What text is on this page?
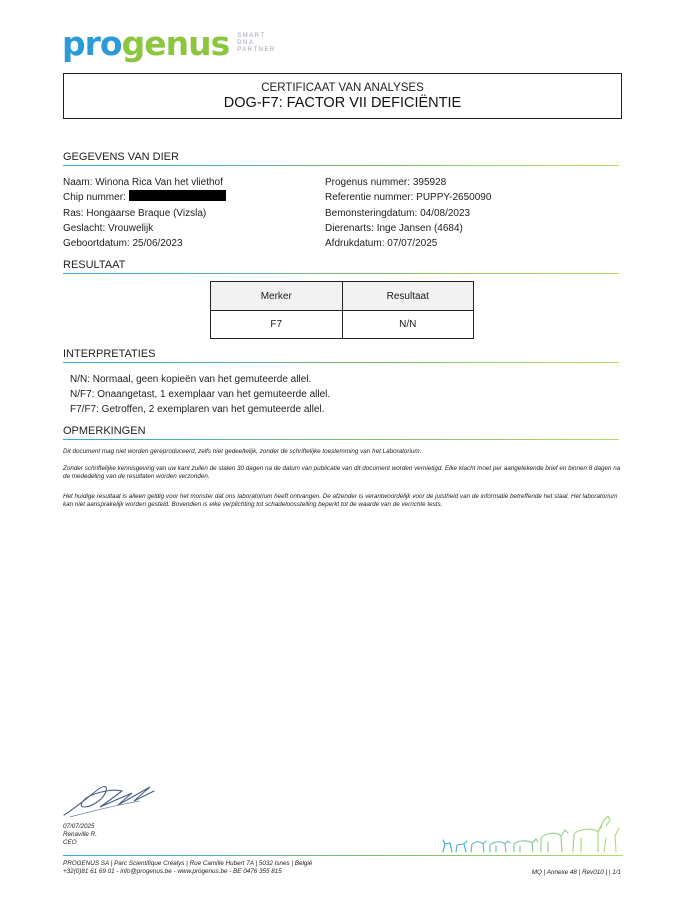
progenus SMART
DNA
PARTNER
CERTIFICAAT VAN ANALYSES
DOG-F7: FACTOR VII DEFICIËNTIE
GEGEVENS VAN DIER
Naam: Winona Rica Van het vliethof
Chip nummer:
Ras: Hongaarse Braque (Vizsla)
Geslacht: Vrouwelijk
Geboortdatum: 25/06/2023
Progenus nummer: 395928
Referentie nummer: PUPPY-2650090
Bemonsteringdatum: 04/08/2023
Dierenarts: Inge Jansen (4684)
Afdrukdatum: 07/07/2025
RESULTAAT
Merker	Resultaat
F7	N/N
INTERPRETATIES
N/N: Normaal, geen kopieën van het gemuteerde allel.
N/F7: Onaangetast, 1 exemplaar van het gemuteerde allel.
F7/F7: Getroffen, 2 exemplaren van het gemuteerde allel.
OPMERKINGEN
Dit document mag niet worden gereproduceerd, zelfs niet gedeeltelijk, zonder de schriftelijke toestemming van het Laboratorium.
Zonder schriftelijke kennisgeving van uw kant zullen de stalen 30 dagen na de datum van publicatie van dit document worden vernietigd. Elke klacht moet per aangetekende brief en binnen 8 dagen na de mededeling van de resultaten worden verzonden.
Het huidige resultaat is alleen geldig voor het monster dat ons laboratorium heeft ontvangen. De afzender is verantwoordelijk voor de juistheid van de informatie betreffende het staal. Het laboratorium kan niet aansprakelijk worden gesteld. Bovendien is elke verplichting tot schadeloosstelling beperkt tot de waarde van de verrichte tests.
07/07/2025
Renaville R.
CEO
PROGENUS SA | Parc Scientifique Créalys | Rue Camille Hubert 7A | 5032 Isnes | België
+32(0)81 61 69 01 - info@progenus.be - www.progenus.be - BE 0476 355 815	MQ | Annexe 48 | Rev010 | | 1/1
